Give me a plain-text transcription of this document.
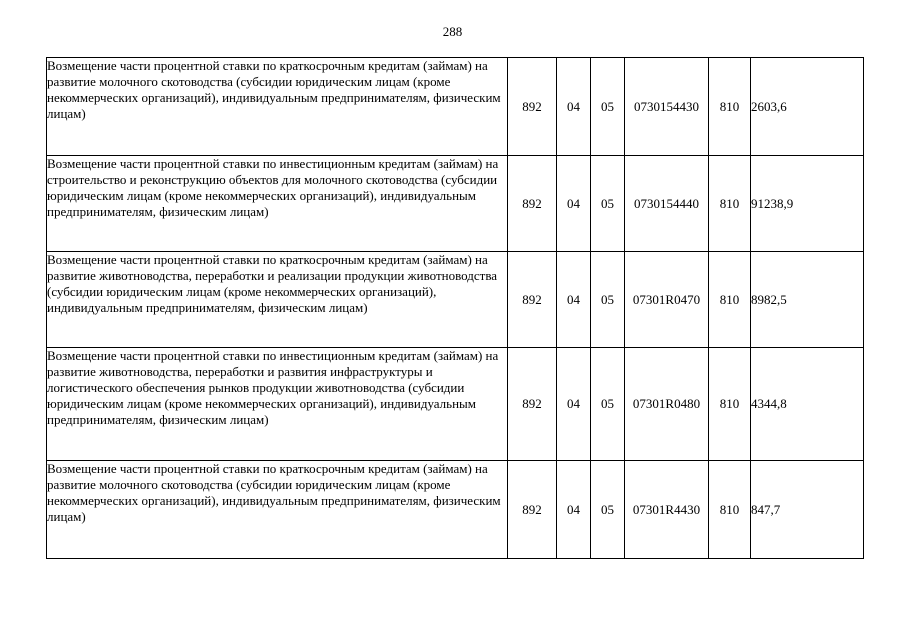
288
Возмещение части процентной ставки по краткосрочным кредитам (займам) на развитие молочного скотоводства (субсидии юридическим лицам (кроме некоммерческих организаций), индивидуальным предпринимателям, физическим лицам)	892	04	05	0730154430	810	2603,6
Возмещение части процентной ставки по инвестиционным кредитам (займам) на строительство и реконструкцию объектов для молочного скотоводства (субсидии юридическим лицам (кроме некоммерческих организаций), индивидуальным предпринимателям, физическим лицам)	892	04	05	0730154440	810	91238,9
Возмещение части процентной ставки по краткосрочным кредитам (займам) на развитие животноводства, переработки и реализации продукции животноводства (субсидии юридическим лицам (кроме некоммерческих организаций), индивидуальным предпринимателям, физическим лицам)	892	04	05	07301R0470	810	8982,5
Возмещение части процентной ставки по инвестиционным кредитам (займам) на развитие животноводства, переработки и развития инфраструктуры и логистического обеспечения рынков продукции животноводства (субсидии юридическим лицам (кроме некоммерческих организаций), индивидуальным предпринимателям, физическим лицам)	892	04	05	07301R0480	810	4344,8
Возмещение части процентной ставки по краткосрочным кредитам (займам) на развитие молочного скотоводства (субсидии юридическим лицам (кроме некоммерческих организаций), индивидуальным предпринимателям, физическим лицам)	892	04	05	07301R4430	810	847,7
